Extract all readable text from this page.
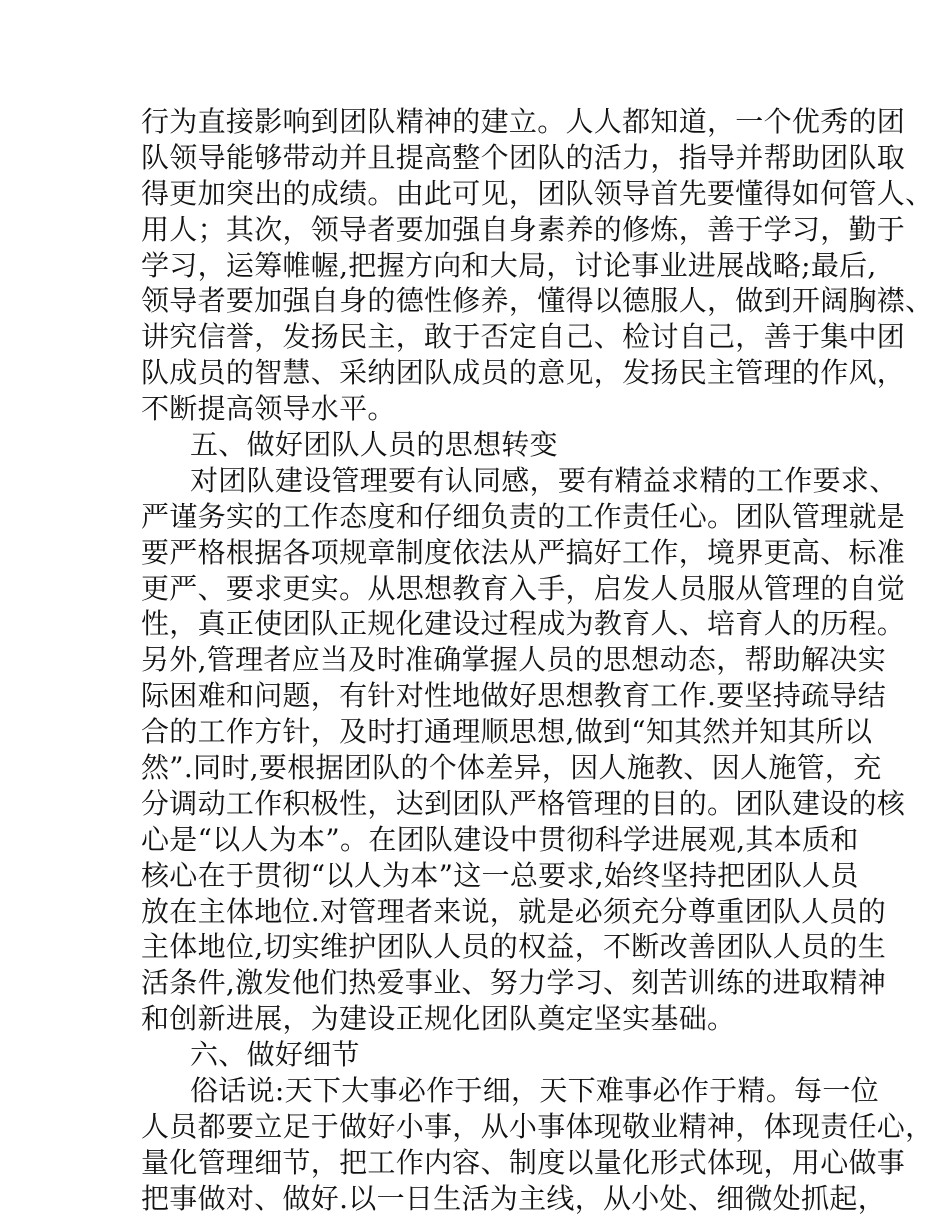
行为直接影响到团队精神的建立。人人都知道，一个优秀的团
队领导能够带动并且提高整个团队的活力，指导并帮助团队取
得更加突出的成绩。由此可见，团队领导首先要懂得如何管人、
用人；其次，领导者要加强自身素养的修炼，善于学习，勤于
学习，运筹帷幄,把握方向和大局，讨论事业进展战略;最后,
领导者要加强自身的德性修养，懂得以德服人，做到开阔胸襟、
讲究信誉，发扬民主，敢于否定自己、检讨自己，善于集中团
队成员的智慧、采纳团队成员的意见，发扬民主管理的作风，
不断提高领导水平。
五、做好团队人员的思想转变
对团队建设管理要有认同感，要有精益求精的工作要求、
严谨务实的工作态度和仔细负责的工作责任心。团队管理就是
要严格根据各项规章制度依法从严搞好工作，境界更高、标准
更严、要求更实。从思想教育入手，启发人员服从管理的自觉
性，真正使团队正规化建设过程成为教育人、培育人的历程。
另外,管理者应当及时准确掌握人员的思想动态，帮助解决实
际困难和问题，有针对性地做好思想教育工作.要坚持疏导结
合的工作方针，及时打通理顺思想,做到“知其然并知其所以
然”.同时,要根据团队的个体差异，因人施教、因人施管，充
分调动工作积极性，达到团队严格管理的目的。团队建设的核
心是“以人为本”。在团队建设中贯彻科学进展观,其本质和
核心在于贯彻“以人为本”这一总要求,始终坚持把团队人员
放在主体地位.对管理者来说，就是必须充分尊重团队人员的
主体地位,切实维护团队人员的权益，不断改善团队人员的生
活条件,激发他们热爱事业、努力学习、刻苦训练的进取精神
和创新进展，为建设正规化团队奠定坚实基础。
六、做好细节
俗话说:天下大事必作于细，天下难事必作于精。每一位
人员都要立足于做好小事，从小事体现敬业精神，体现责任心，
量化管理细节，把工作内容、制度以量化形式体现，用心做事
把事做对、做好.以一日生活为主线，从小处、细微处抓起，
